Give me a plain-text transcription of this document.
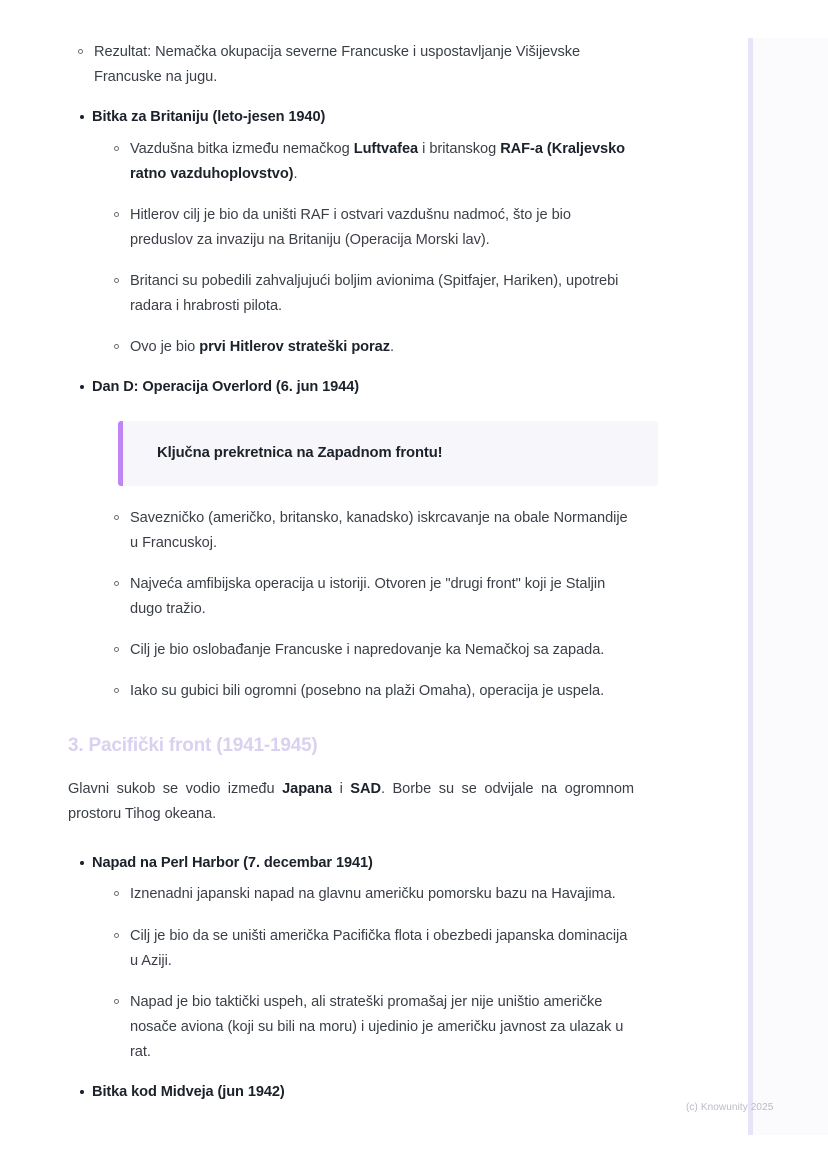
Rezultat: Nemačka okupacija severne Francuske i uspostavljanje Višijevske Francuske na jugu.
Bitka za Britaniju (leto-jesen 1940)
Vazdušna bitka između nemačkog Luftvafea i britanskog RAF-a (Kraljevsko ratno vazduhoplovstvo).
Hitlerov cilj je bio da uništi RAF i ostvari vazdušnu nadmoć, što je bio preduslov za invaziju na Britaniju (Operacija Morski lav).
Britanci su pobedili zahvaljujući boljim avionima (Spitfajer, Hariken), upotrebi radara i hrabrosti pilota.
Ovo je bio prvi Hitlerov strateški poraz.
Dan D: Operacija Overlord (6. jun 1944)
Ključna prekretnica na Zapadnom frontu!
Savezničko (američko, britansko, kanadsko) iskrcavanje na obale Normandije u Francuskoj.
Najveća amfibijska operacija u istoriji. Otvoren je "drugi front" koji je Staljin dugo tražio.
Cilj je bio oslobađanje Francuske i napredovanje ka Nemačkoj sa zapada.
Iako su gubici bili ogromni (posebno na plaži Omaha), operacija je uspela.
3. Pacifički front (1941-1945)

Glavni sukob se vodio između Japana i SAD. Borbe su se odvijale na ogromnom prostoru Tihog okeana.

Napad na Perl Harbor (7. decembar 1941)
Iznenadni japanski napad na glavnu američku pomorsku bazu na Havajima.
Cilj je bio da se uništi američka Pacifička flota i obezbedi japanska dominacija u Aziji.
Napad je bio taktički uspeh, ali strateški promašaj jer nije uništio američke nosače aviona (koji su bili na moru) i ujedinio je američku javnost za ulazak u rat.
Bitka kod Midveja (jun 1942)
(c) Knowunity 2025
